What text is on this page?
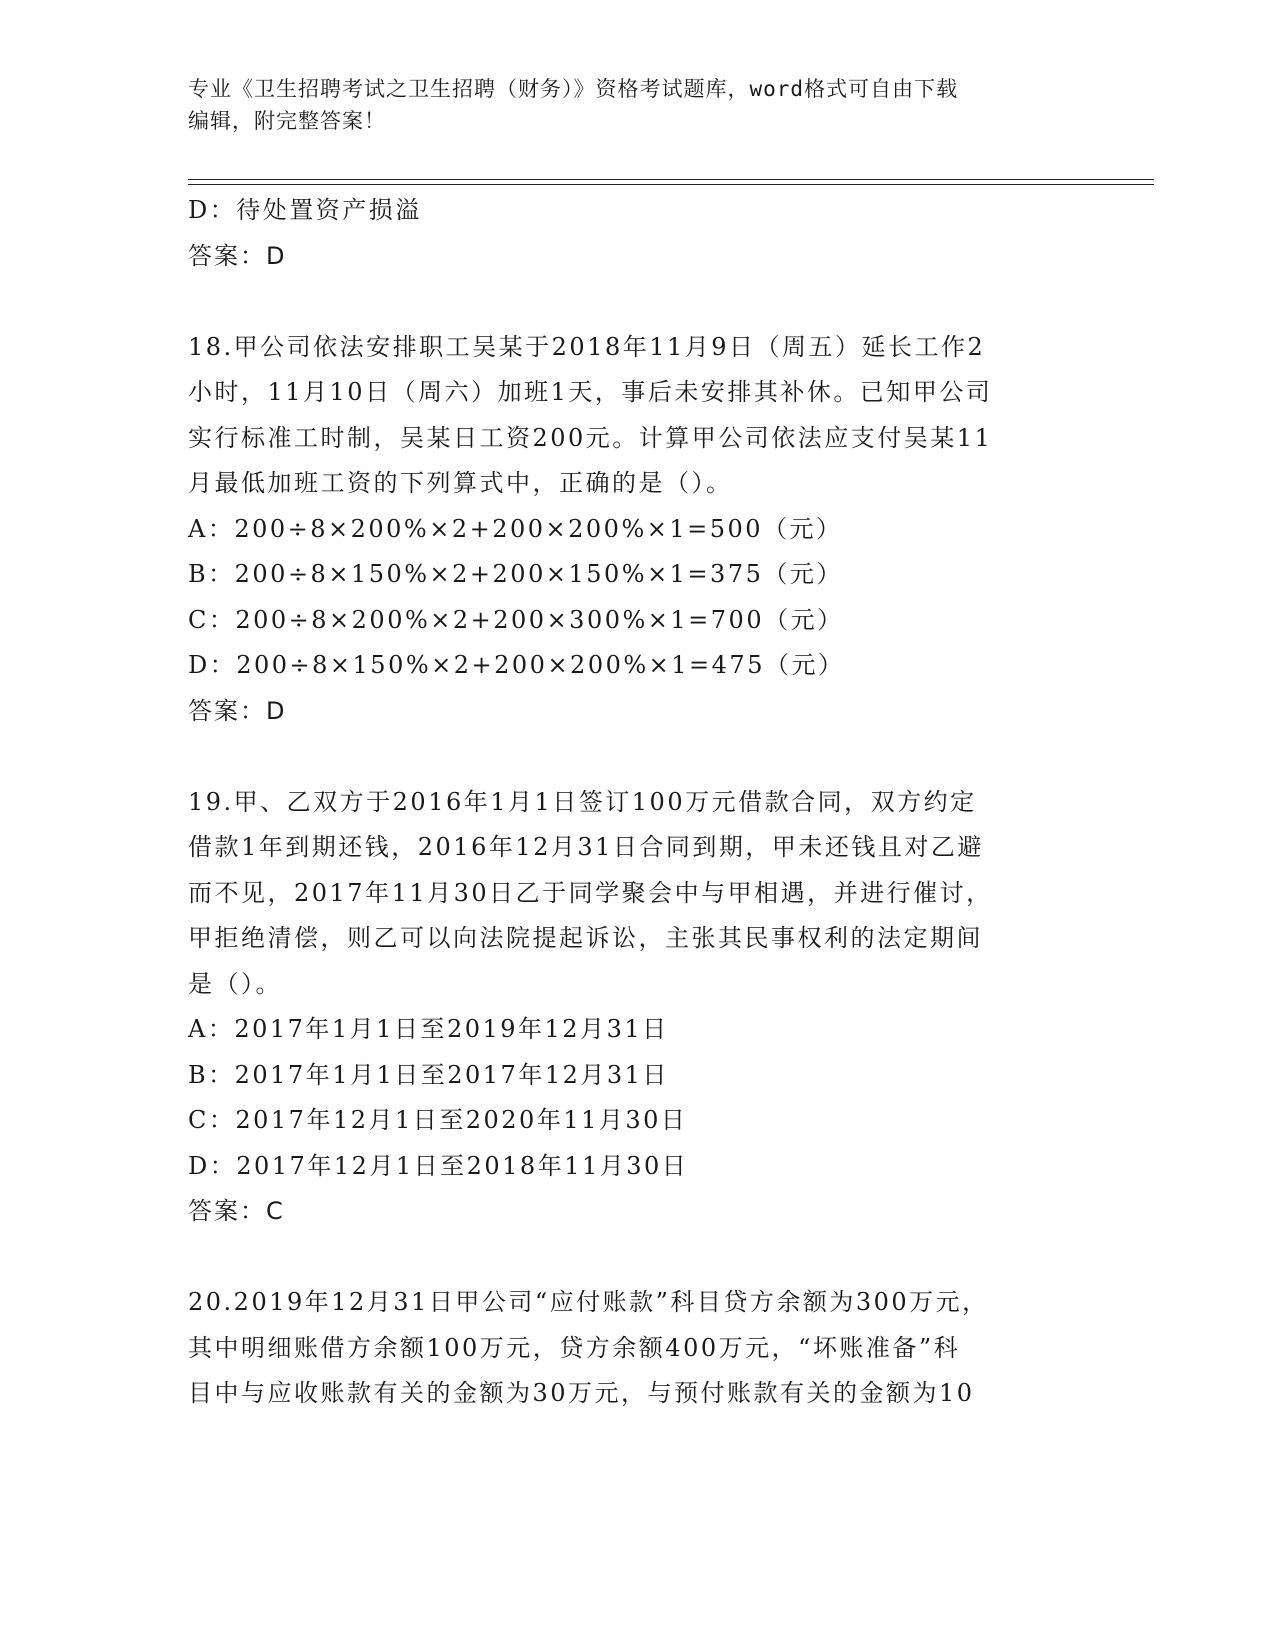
专业《卫生招聘考试之卫生招聘（财务）》资格考试题库，word格式可自由下载
编辑，附完整答案！
D：待处置资产损溢
答案：D
18.甲公司依法安排职工吴某于2018年11月9日（周五）延长工作2
小时，11月10日（周六）加班1天，事后未安排其补休。已知甲公司
实行标准工时制，吴某日工资200元。计算甲公司依法应支付吴某11
月最低加班工资的下列算式中，正确的是（）。
A：200÷8×200%×2+200×200%×1=500（元）
B：200÷8×150%×2+200×150%×1=375（元）
C：200÷8×200%×2+200×300%×1=700（元）
D：200÷8×150%×2+200×200%×1=475（元）
答案：D
19.甲、乙双方于2016年1月1日签订100万元借款合同，双方约定
借款1年到期还钱，2016年12月31日合同到期，甲未还钱且对乙避
而不见，2017年11月30日乙于同学聚会中与甲相遇，并进行催讨，
甲拒绝清偿，则乙可以向法院提起诉讼，主张其民事权利的法定期间
是（）。
A：2017年1月1日至2019年12月31日
B：2017年1月1日至2017年12月31日
C：2017年12月1日至2020年11月30日
D：2017年12月1日至2018年11月30日
答案：C
20.2019年12月31日甲公司“应付账款”科目贷方余额为300万元，
其中明细账借方余额100万元，贷方余额400万元，“坏账准备”科
目中与应收账款有关的金额为30万元，与预付账款有关的金额为10
